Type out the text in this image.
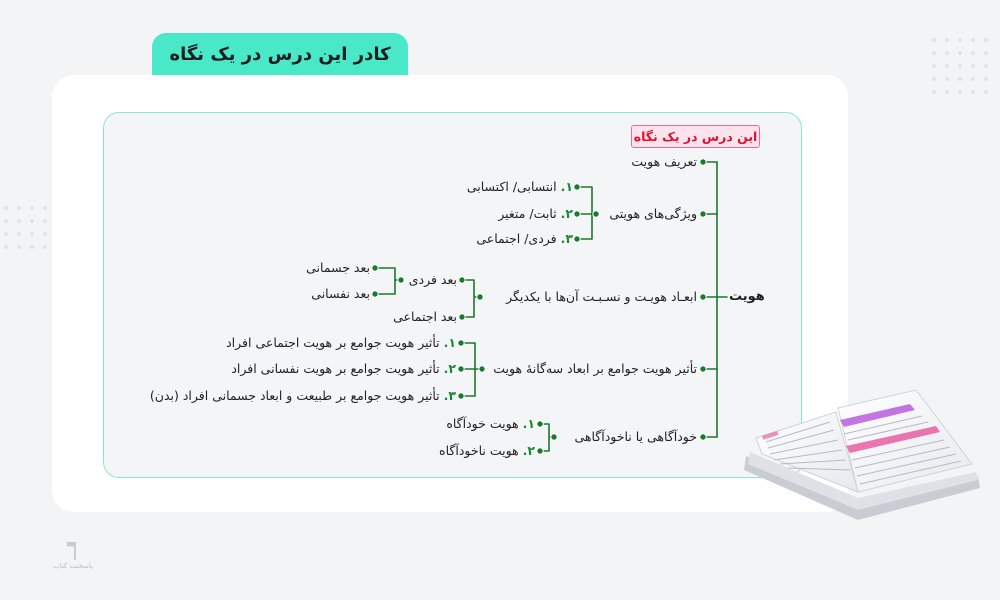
کادر این درس در یک نگاه
این درس در یک نگاه
هویت
تعریف هویت
ویژگی‌های هویتی
۱. انتسابی/ اکتسابی
۲. ثابت/ متغیر
۳. فردی/ اجتماعی
ابعـاد هویـت و نسـبـت آن‌ها با یکدیگر
بعد فردی
بعد جسمانی
بعد نفسانی
بعد اجتماعی
تأثیر هویت جوامع بر ابعاد سه‌گانۀ هویت
۱. تأثیر هویت جوامع بر هویت اجتماعی افراد
۲. تأثیر هویت جوامع بر هویت نفسانی افراد
۳. تأثیر هویت جوامع بر طبیعت و ابعاد جسمانی افراد (بدن)
خودآگاهی یا ناخودآگاهی
۱. هویت خودآگاه
۲. هویت ناخودآگاه
┑
پاسخنت کتاب
